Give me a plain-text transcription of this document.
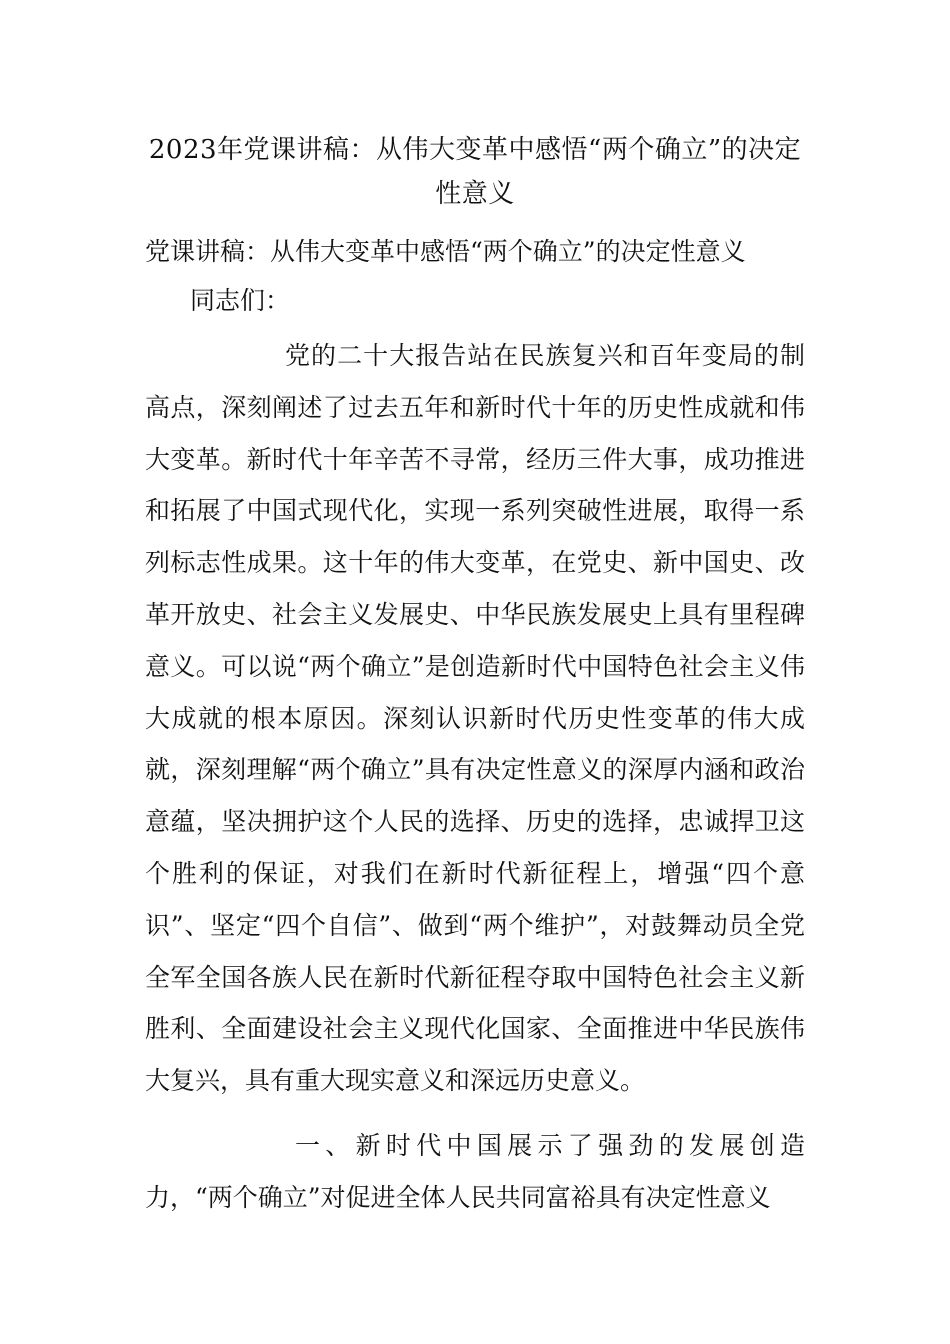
2023年党课讲稿：从伟大变革中感悟“两个确立”的决定性意义
党课讲稿：从伟大变革中感悟“两个确立”的决定性意义
同志们：
党的二十大报告站在民族复兴和百年变局的制高点，深刻阐述了过去五年和新时代十年的历史性成就和伟大变革。新时代十年辛苦不寻常，经历三件大事，成功推进和拓展了中国式现代化，实现一系列突破性进展，取得一系列标志性成果。这十年的伟大变革，在党史、新中国史、改革开放史、社会主义发展史、中华民族发展史上具有里程碑意义。可以说“两个确立”是创造新时代中国特色社会主义伟大成就的根本原因。深刻认识新时代历史性变革的伟大成就，深刻理解“两个确立”具有决定性意义的深厚内涵和政治意蕴，坚决拥护这个人民的选择、历史的选择，忠诚捍卫这个胜利的保证，对我们在新时代新征程上，增强“四个意识”、坚定“四个自信”、做到“两个维护”，对鼓舞动员全党全军全国各族人民在新时代新征程夺取中国特色社会主义新胜利、全面建设社会主义现代化国家、全面推进中华民族伟大复兴，具有重大现实意义和深远历史意义。
一、新时代中国展示了强劲的发展创造力，“两个确立”对促进全体人民共同富裕具有决定性意义
